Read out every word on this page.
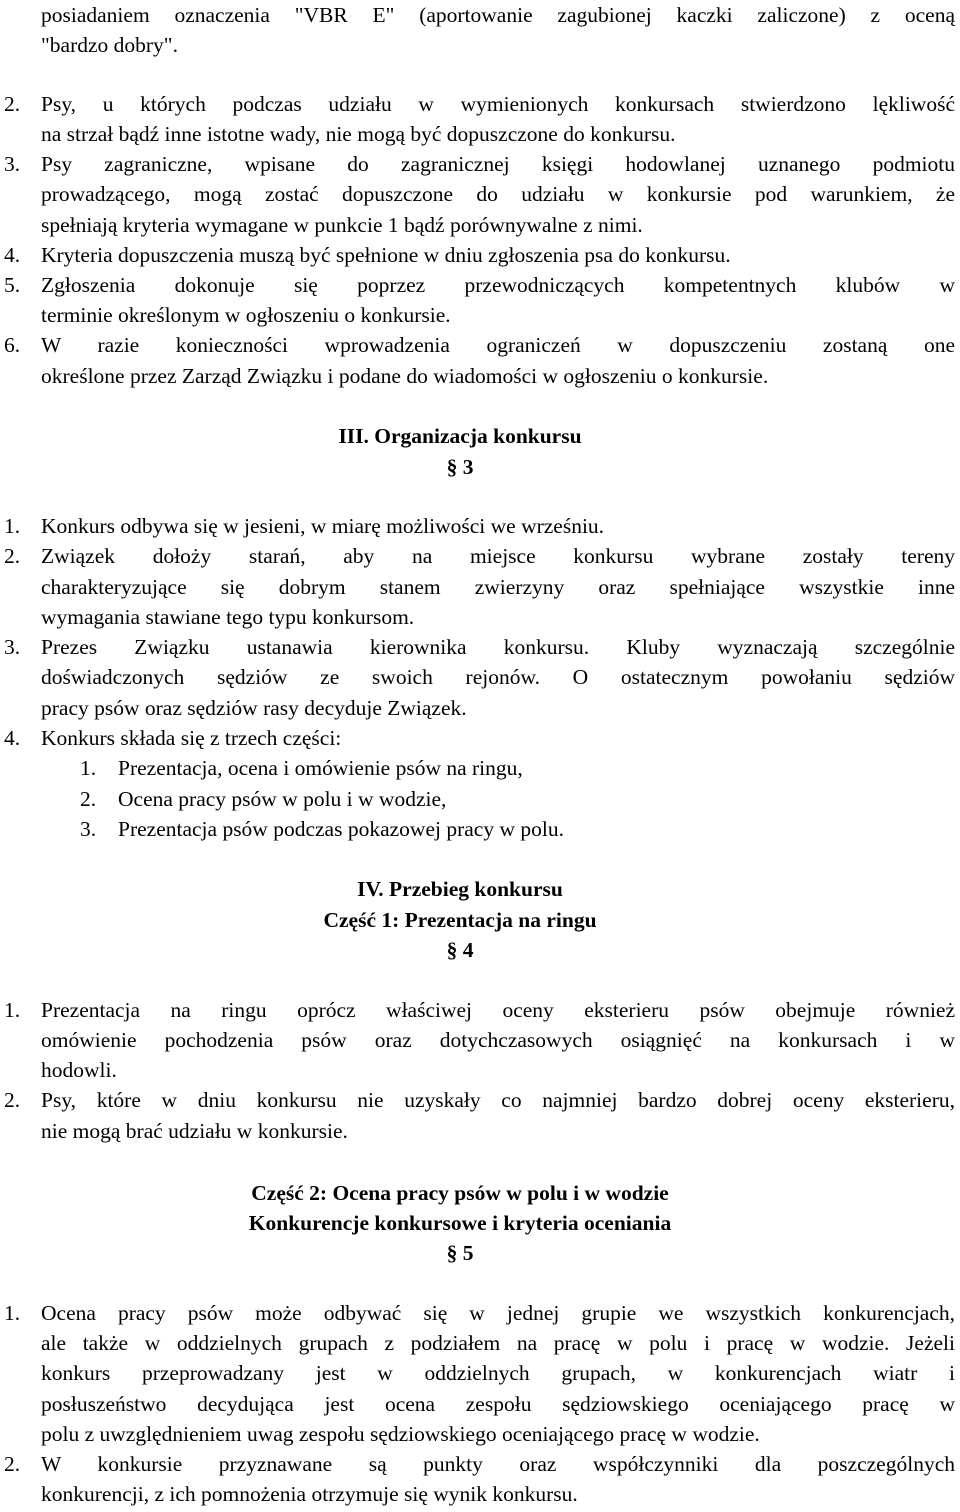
posiadaniem oznaczenia "VBR E" (aportowanie zagubionej kaczki zaliczone) z oceną
"bardzo dobry".
2. Psy, u których podczas udziału w wymienionych konkursach stwierdzono lękliwość
na strzał bądź inne istotne wady, nie mogą być dopuszczone do konkursu.
3. Psy zagraniczne, wpisane do zagranicznej księgi hodowlanej uznanego podmiotu
prowadzącego, mogą zostać dopuszczone do udziału w konkursie pod warunkiem, że
spełniają kryteria wymagane w punkcie 1 bądź porównywalne z nimi.
4. Kryteria dopuszczenia muszą być spełnione w dniu zgłoszenia psa do konkursu.
5. Zgłoszenia dokonuje się poprzez przewodniczących kompetentnych klubów w
terminie określonym w ogłoszeniu o konkursie.
6. W razie konieczności wprowadzenia ograniczeń w dopuszczeniu zostaną one
określone przez Zarząd Związku i podane do wiadomości w ogłoszeniu o konkursie.
III. Organizacja konkursu
§ 3
1. Konkurs odbywa się w jesieni, w miarę możliwości we wrześniu.
2. Związek dołoży starań, aby na miejsce konkursu wybrane zostały tereny
charakteryzujące się dobrym stanem zwierzyny oraz spełniające wszystkie inne
wymagania stawiane tego typu konkursom.
3. Prezes Związku ustanawia kierownika konkursu. Kluby wyznaczają szczególnie
doświadczonych sędziów ze swoich rejonów. O ostatecznym powołaniu sędziów
pracy psów oraz sędziów rasy decyduje Związek.
4. Konkurs składa się z trzech części:
1. Prezentacja, ocena i omówienie psów na ringu,
2. Ocena pracy psów w polu i w wodzie,
3. Prezentacja psów podczas pokazowej pracy w polu.
IV. Przebieg konkursu
Część 1: Prezentacja na ringu
§ 4
1. Prezentacja na ringu oprócz właściwej oceny eksterieru psów obejmuje również
omówienie pochodzenia psów oraz dotychczasowych osiągnięć na konkursach i w
hodowli.
2. Psy, które w dniu konkursu nie uzyskały co najmniej bardzo dobrej oceny eksterieru,
nie mogą brać udziału w konkursie.
Część 2: Ocena pracy psów w polu i w wodzie
Konkurencje konkursowe i kryteria oceniania
§ 5
1. Ocena pracy psów może odbywać się w jednej grupie we wszystkich konkurencjach,
ale także w oddzielnych grupach z podziałem na pracę w polu i pracę w wodzie. Jeżeli
konkurs przeprowadzany jest w oddzielnych grupach, w konkurencjach wiatr i
posłuszeństwo decydująca jest ocena zespołu sędziowskiego oceniającego pracę w
polu z uwzględnieniem uwag zespołu sędziowskiego oceniającego pracę w wodzie.
2. W konkursie przyznawane są punkty oraz współczynniki dla poszczególnych
konkurencji, z ich pomnożenia otrzymuje się wynik konkursu.
